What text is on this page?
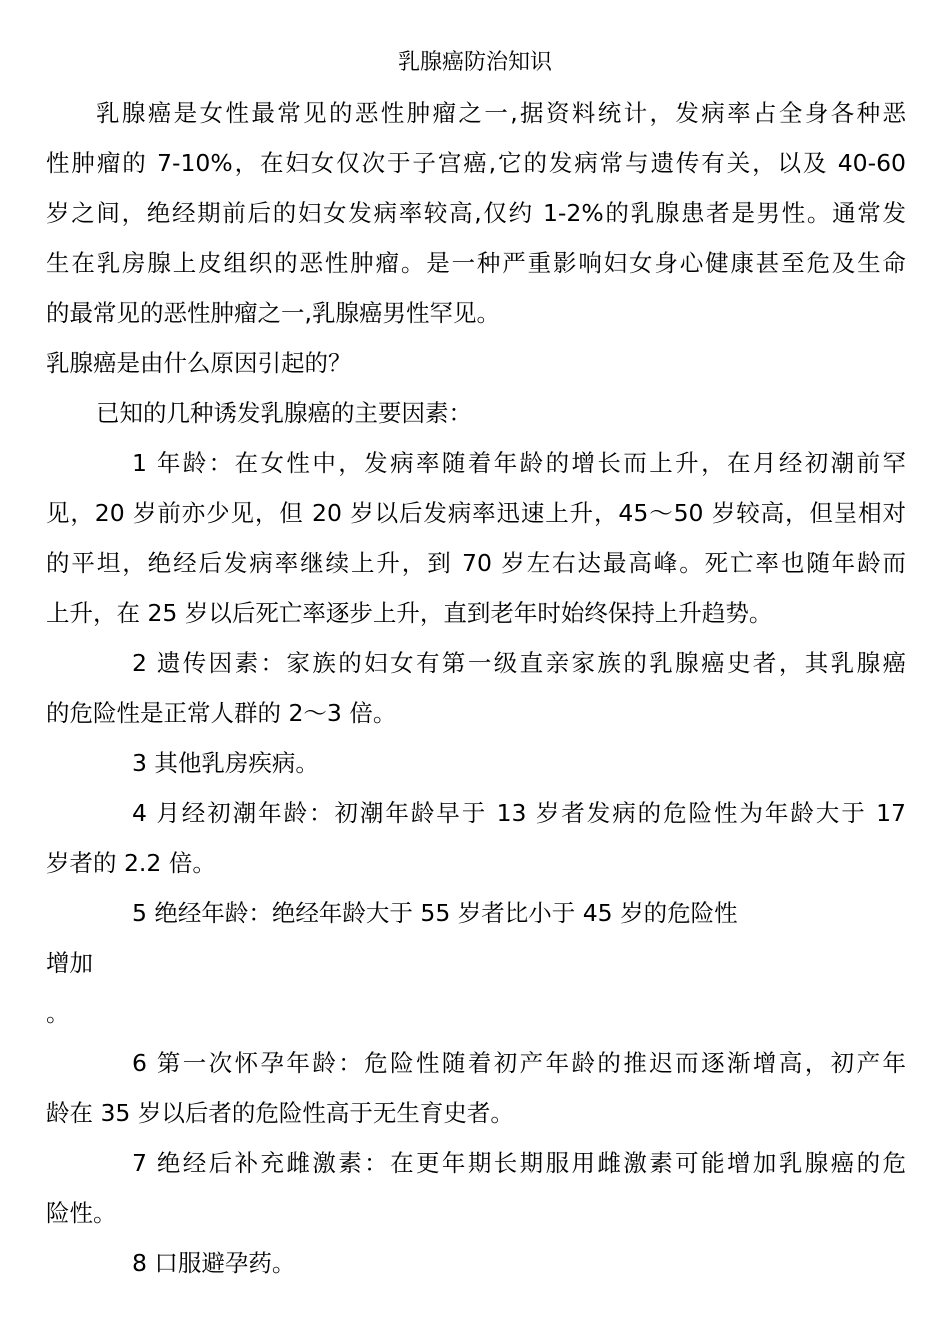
乳腺癌防治知识
乳腺癌是女性最常见的恶性肿瘤之一,据资料统计，发病率占全身各种恶
性肿瘤的 7-10%，在妇女仅次于子宫癌,它的发病常与遗传有关，以及 40-60
岁之间，绝经期前后的妇女发病率较高,仅约 1-2%的乳腺患者是男性。通常发
生在乳房腺上皮组织的恶性肿瘤。是一种严重影响妇女身心健康甚至危及生命
的最常见的恶性肿瘤之一,乳腺癌男性罕见。
乳腺癌是由什么原因引起的？
已知的几种诱发乳腺癌的主要因素：
1 年龄：在女性中，发病率随着年龄的增长而上升，在月经初潮前罕
见，20 岁前亦少见，但 20 岁以后发病率迅速上升，45～50 岁较高，但呈相对
的平坦，绝经后发病率继续上升，到 70 岁左右达最高峰。死亡率也随年龄而
上升，在 25 岁以后死亡率逐步上升，直到老年时始终保持上升趋势。
2 遗传因素：家族的妇女有第一级直亲家族的乳腺癌史者，其乳腺癌
的危险性是正常人群的 2～3 倍。
3 其他乳房疾病。
4 月经初潮年龄：初潮年龄早于 13 岁者发病的危险性为年龄大于 17
岁者的 2.2 倍。
5 绝经年龄：绝经年龄大于 55 岁者比小于 45 岁的危险性
增加
。
6 第一次怀孕年龄：危险性随着初产年龄的推迟而逐渐增高，初产年
龄在 35 岁以后者的危险性高于无生育史者。
7 绝经后补充雌激素：在更年期长期服用雌激素可能增加乳腺癌的危
险性。
8 口服避孕药。
